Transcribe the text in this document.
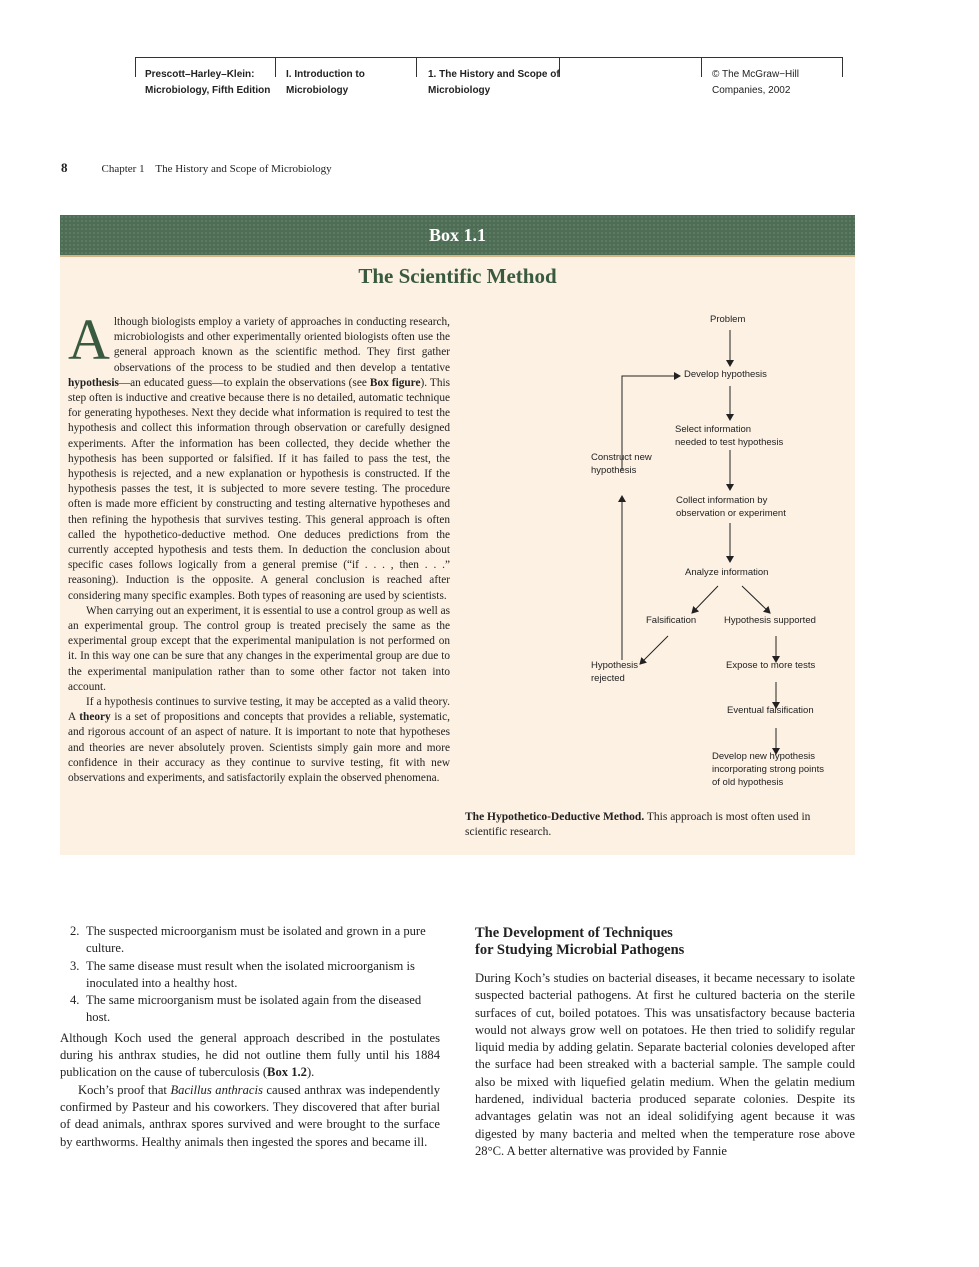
Prescott–Harley–Klein:
Microbiology, Fifth Edition
I. Introduction to
Microbiology
1. The History and Scope of
Microbiology
© The McGraw−Hill
Companies, 2002
8	Chapter 1    The History and Scope of Microbiology
Box 1.1
The Scientific Method

Although biologists employ a variety of approaches in conducting research, microbiologists and other experimentally oriented biologists often use the general approach known as the scientific method. They first gather observations of the process to be studied and then develop a tentative hypothesis—an educated guess—to explain the observations (see Box figure). This step often is inductive and creative because there is no detailed, automatic technique for generating hypotheses. Next they decide what information is required to test the hypothesis and collect this information through observation or carefully designed experiments. After the information has been collected, they decide whether the hypothesis has been supported or falsified. If it has failed to pass the test, the hypothesis is rejected, and a new explanation or hypothesis is constructed. If the hypothesis passes the test, it is subjected to more severe testing. The procedure often is made more efficient by constructing and testing alternative hypotheses and then refining the hypothesis that survives testing. This general approach is often called the hypothetico-deductive method. One deduces predictions from the currently accepted hypothesis and tests them. In deduction the conclusion about specific cases follows logically from a general premise (“if . . . , then . . .” reasoning). Induction is the opposite. A general conclusion is reached after considering many specific examples. Both types of reasoning are used by scientists.

When carrying out an experiment, it is essential to use a control group as well as an experimental group. The control group is treated precisely the same as the experimental group except that the experimental manipulation is not performed on it. In this way one can be sure that any changes in the experimental group are due to the experimental manipulation rather than to some other factor not taken into account.

If a hypothesis continues to survive testing, it may be accepted as a valid theory. A theory is a set of propositions and concepts that provides a reliable, systematic, and rigorous account of an aspect of nature. It is important to note that hypotheses and theories are never absolutely proven. Scientists simply gain more and more confidence in their accuracy as they continue to survive testing, fit with new observations and experiments, and satisfactorily explain the observed phenomena.

Problem
Develop hypothesis
Select information
needed to test hypothesis
Construct new
hypothesis
Collect information by
observation or experiment
Analyze information
Falsification	Hypothesis supported
Hypothesis
rejected
Expose to more tests
Eventual falsification
Develop new hypothesis
incorporating strong points
of old hypothesis
The Hypothetico-Deductive Method. This approach is most often used in scientific research.
2. The suspected microorganism must be isolated and grown in a pure culture.
3. The same disease must result when the isolated microorganism is inoculated into a healthy host.
4. The same microorganism must be isolated again from the diseased host.

Although Koch used the general approach described in the postulates during his anthrax studies, he did not outline them fully until his 1884 publication on the cause of tuberculosis (Box 1.2).

Koch’s proof that Bacillus anthracis caused anthrax was independently confirmed by Pasteur and his coworkers. They discovered that after burial of dead animals, anthrax spores survived and were brought to the surface by earthworms. Healthy animals then ingested the spores and became ill.

The Development of Techniques
for Studying Microbial Pathogens

During Koch’s studies on bacterial diseases, it became necessary to isolate suspected bacterial pathogens. At first he cultured bacteria on the sterile surfaces of cut, boiled potatoes. This was unsatisfactory because bacteria would not always grow well on potatoes. He then tried to solidify regular liquid media by adding gelatin. Separate bacterial colonies developed after the surface had been streaked with a bacterial sample. The sample could also be mixed with liquefied gelatin medium. When the gelatin medium hardened, individual bacteria produced separate colonies. Despite its advantages gelatin was not an ideal solidifying agent because it was digested by many bacteria and melted when the temperature rose above 28°C. A better alternative was provided by Fannie
